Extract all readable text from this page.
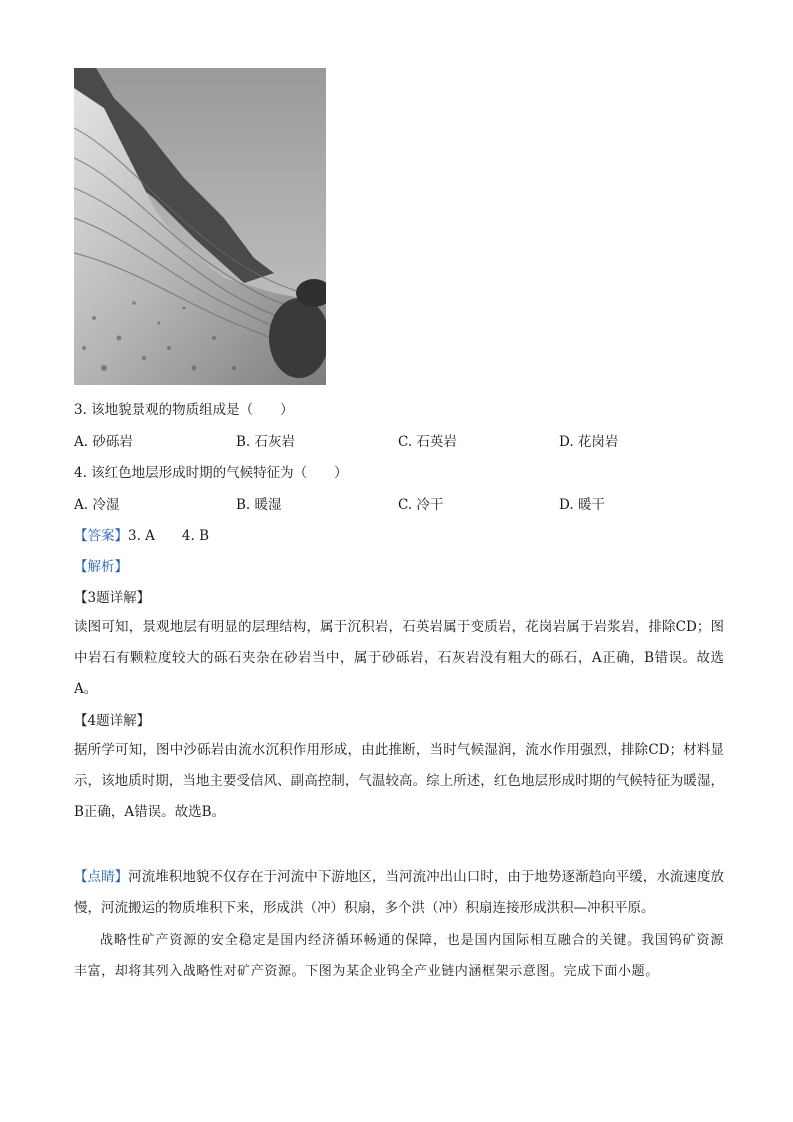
3. 该地貌景观的物质组成是（　　）
A. 砂砾岩	B. 石灰岩	C. 石英岩	D. 花岗岩
4. 该红色地层形成时期的气候特征为（　　）
A. 冷湿	B. 暖湿	C. 冷干	D. 暖干
【答案】3. A　　4. B
【解析】
【3题详解】
读图可知，景观地层有明显的层理结构，属于沉积岩，石英岩属于变质岩，花岗岩属于岩浆岩，排除CD；图中岩石有颗粒度较大的砾石夹杂在砂岩当中，属于砂砾岩，石灰岩没有粗大的砾石，A正确，B错误。故选A。
【4题详解】
据所学可知，图中沙砾岩由流水沉积作用形成，由此推断，当时气候湿润，流水作用强烈，排除CD；材料显示，该地质时期，当地主要受信风、副高控制，气温较高。综上所述，红色地层形成时期的气候特征为暖湿，B正确，A错误。故选B。
【点睛】河流堆积地貌不仅存在于河流中下游地区，当河流冲出山口时，由于地势逐渐趋向平缓，水流速度放慢，河流搬运的物质堆积下来，形成洪（冲）积扇，多个洪（冲）积扇连接形成洪积—冲积平原。
战略性矿产资源的安全稳定是国内经济循环畅通的保障，也是国内国际相互融合的关键。我国钨矿资源丰富，却将其列入战略性对矿产资源。下图为某企业钨全产业链内涵框架示意图。完成下面小题。
